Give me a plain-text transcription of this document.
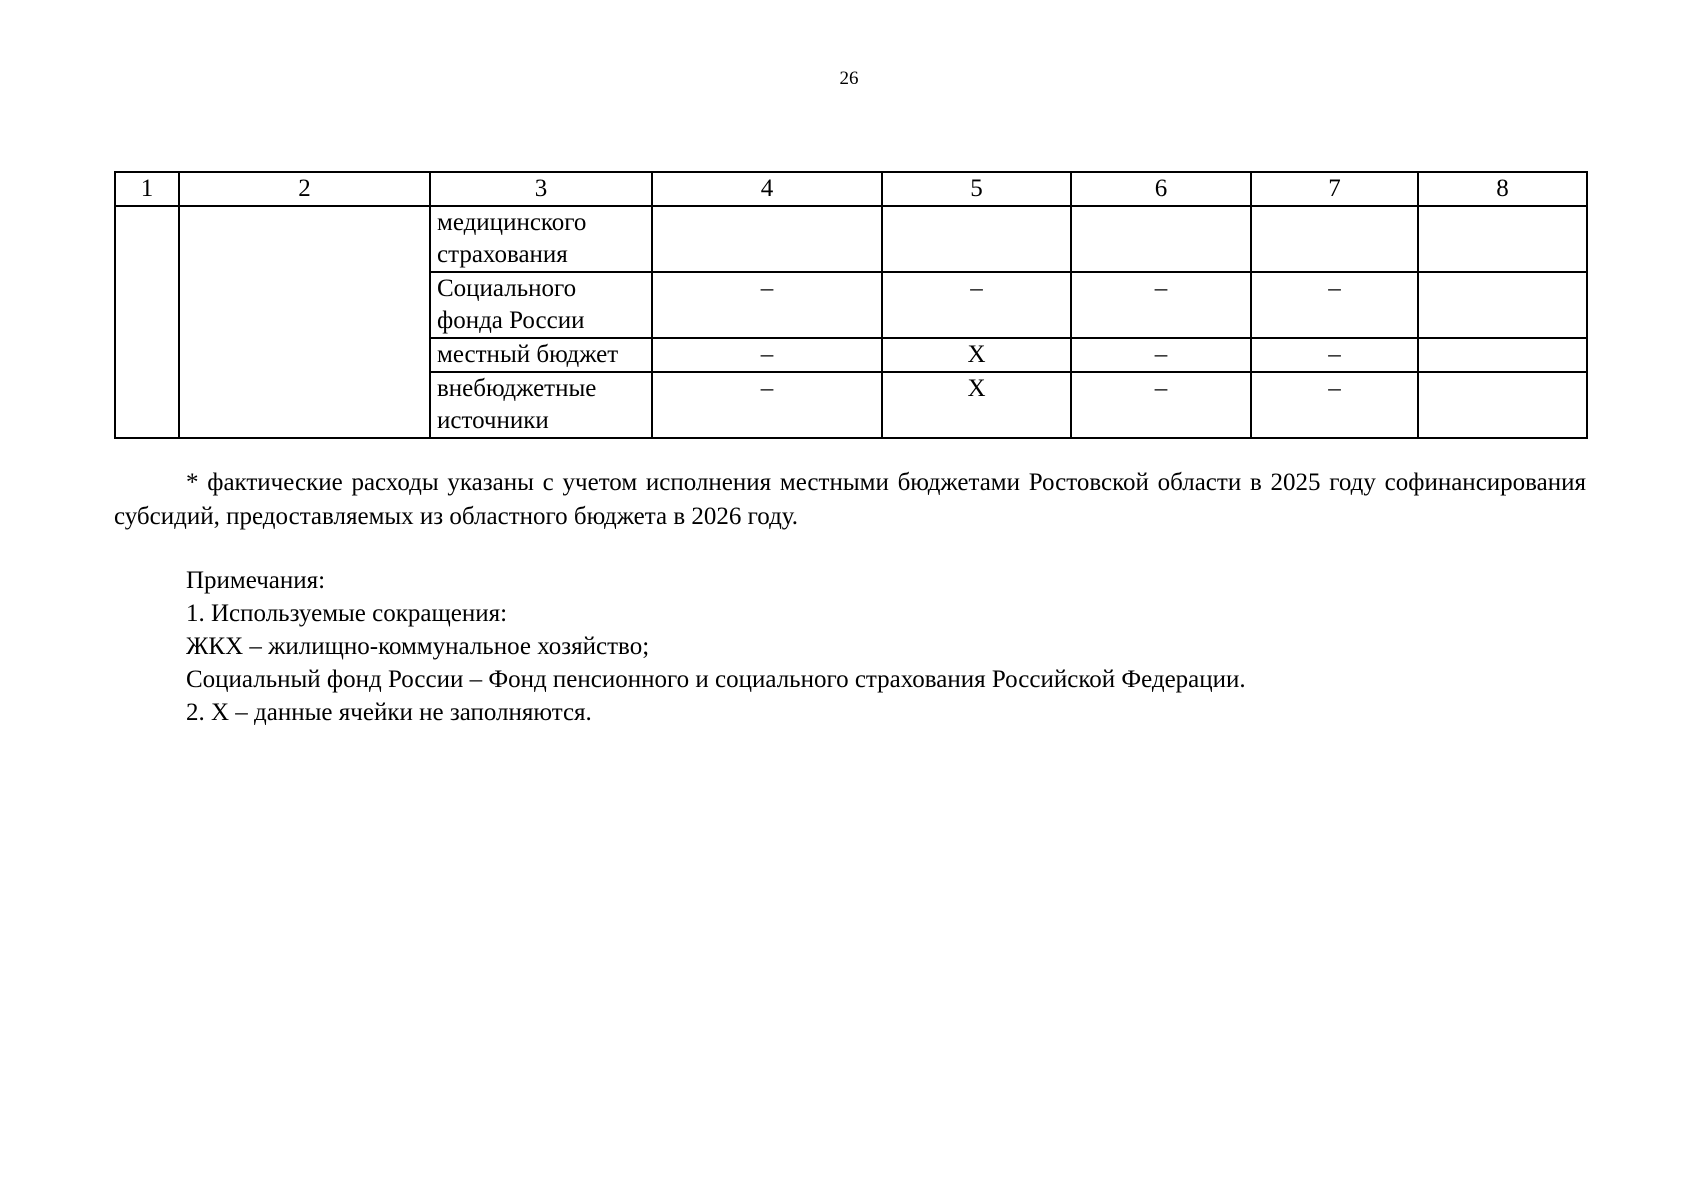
26
1	2	3	4	5	6	7	8

		медицинского
страхования					

		Социального
фонда России	–	–	–	–	

		местный бюджет	–	Х	–	–	

		внебюджетные
источники	–	Х	–	–	

* фактические расходы указаны с учетом исполнения местными бюджетами Ростовской области в 2025 году софинансирования субсидий, предоставляемых из областного бюджета в 2026 году.

Примечания:
1. Используемые сокращения:
ЖКХ – жилищно-коммунальное хозяйство;
Социальный фонд России – Фонд пенсионного и социального страхования Российской Федерации.
2. Х – данные ячейки не заполняются.
